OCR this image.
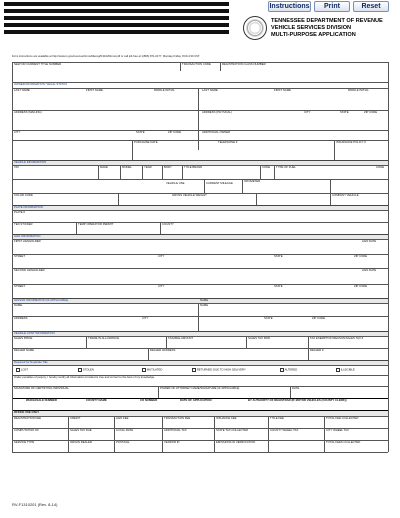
Instructions	Print	Reset
TENNESSEE DEPARTMENT OF REVENUE
VEHICLE SERVICES DIVISION
MULTI-PURPOSE APPLICATION
Form instructions are available at http://www.tn.gov/revenue/forms/titlereg/f1310201inst.pdf or call toll-free at 1(866) 871-0177, Monday-Friday, 8:00-4:30 CST.
NEW OR CURRENT TITLE NUMBER	TRANSACTION CODE	REGISTRATION CLASS NUMBER
OWNER INFORMATION *LEGAL STATUS
LAST NAME	FIRST NAME	MIDDLE INITIAL	LAST NAME	FIRST NAME	MIDDLE INITIAL
ADDRESS (MAILING)	ADDRESS (PHYSICAL)	CITY	STATE	ZIP CODE
CITY	STATE	ZIP CODE	ADDITIONAL OWNER
PURCHASE DATE	TELEPHONE #	INSURANCE POLICY #
VEHICLE INFORMATION
VIN	MAKE	MODEL	YEAR	BODY	TITLE BRAND	CODE TYPE OF FUEL	CODE
VEHICLE USE	CURRENT MILEAGE	ODOMETER
COLOR CODE	GROSS VEHICLE WEIGHT	COMPANY VEHICLE
PLATE INFORMATION
PLATE #
TED STICKER	TEMP OPERATOR PERMIT	COUNTY
LIEN INFORMATION
FIRST LIENHOLDER	LIEN DATE
STREET	CITY	STATE	ZIP CODE
SECOND LIENHOLDER	LIEN DATE
STREET	CITY	STATE	ZIP CODE
LESSOR INFORMATION (IF APPLICABLE)	NAME
NAME	NAME
ADDRESS	CITY	STATE	ZIP CODE
VEHICLE COST INFORMATION
SALES PRICE	TRADE IN ALLOWANCE	TAXABLE AMOUNT	SALES TAX PAID	TAX EXEMPTION REASON/SALES TAX #
DEALER NAME	DEALER ADDRESS	DEALER #
Required for Duplicate Title
LOST	STOLEN	MUTILATED	RETURNED DUE TO HIGH DELIVERY	ALTERED	ILLEGIBLE
Under penalties of perjury, I hereby certify all information provided is true and correct to the best of my knowledge.
SIGNATURE OF CERTIFYING INDIVIDUAL	POWER OF ATTORNEY NAME/SIGNATURE (IF APPLICABLE)	DATE
WHOLESALE NUMBER	COUNTY NAME	CO NUMBER	DATE OF APPLICATION	BY AUTHORITY OF REGISTRAR (IF MOTOR VEHICLES (COUNTY CLERK))
OFFICE USE ONLY
REGISTRATION FEE	CREDIT	LIEN FEE	TRANSACTION FEE	ISSUANCE FEE	TITLE FEE	TOTAL FEE COLLECTED
COMPUTATION OF	SALES TAX DUE	LOCAL RATE	ADDITIONAL TAX	STATE TAX COLLECTED	COUNTY WHEEL TAX	CITY WHEEL TAX
SERVICE TYPE	ORIGIN DEALER	POSTAGE	VENDOR ID	EMISSIONS ID VERIFICATION	TOTAL FEES COLLECTED
RV-F1310201 (Rev. 8-14)
